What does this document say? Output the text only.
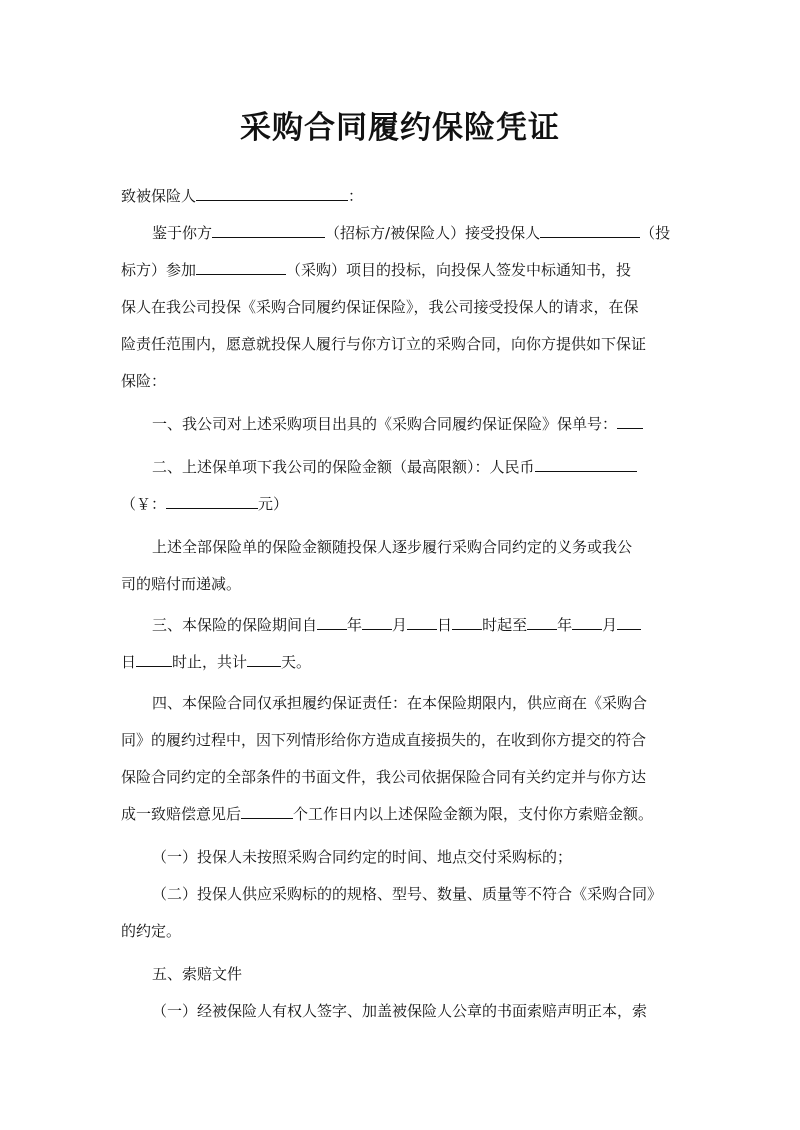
采购合同履约保险凭证
致被保险人	：
鉴于你方	（招标方/被保险人）接受投保人	（投
标方）参加	（采购）项目的投标，向投保人签发中标通知书，投
保人在我公司投保《采购合同履约保证保险》，我公司接受投保人的请求，在保
险责任范围内，愿意就投保人履行与你方订立的采购合同，向你方提供如下保证
保险：
一、我公司对上述采购项目出具的《采购合同履约保证保险》保单号：
二、上述保单项下我公司的保险金额（最高限额）：人民币
（￥：	元）
上述全部保险单的保险金额随投保人逐步履行采购合同约定的义务或我公
司的赔付而递减。
三、本保险的保险期间自 年 月 日 时起至 年 月
日 时止，共计 天。
四、本保险合同仅承担履约保证责任：在本保险期限内，供应商在《采购合
同》的履约过程中，因下列情形给你方造成直接损失的，在收到你方提交的符合
保险合同约定的全部条件的书面文件，我公司依据保险合同有关约定并与你方达
成一致赔偿意见后	个工作日内以上述保险金额为限，支付你方索赔金额。
（一）投保人未按照采购合同约定的时间、地点交付采购标的；
（二）投保人供应采购标的的规格、型号、数量、质量等不符合《采购合同》
的约定。
五、索赔文件
（一）经被保险人有权人签字、加盖被保险人公章的书面索赔声明正本，索
